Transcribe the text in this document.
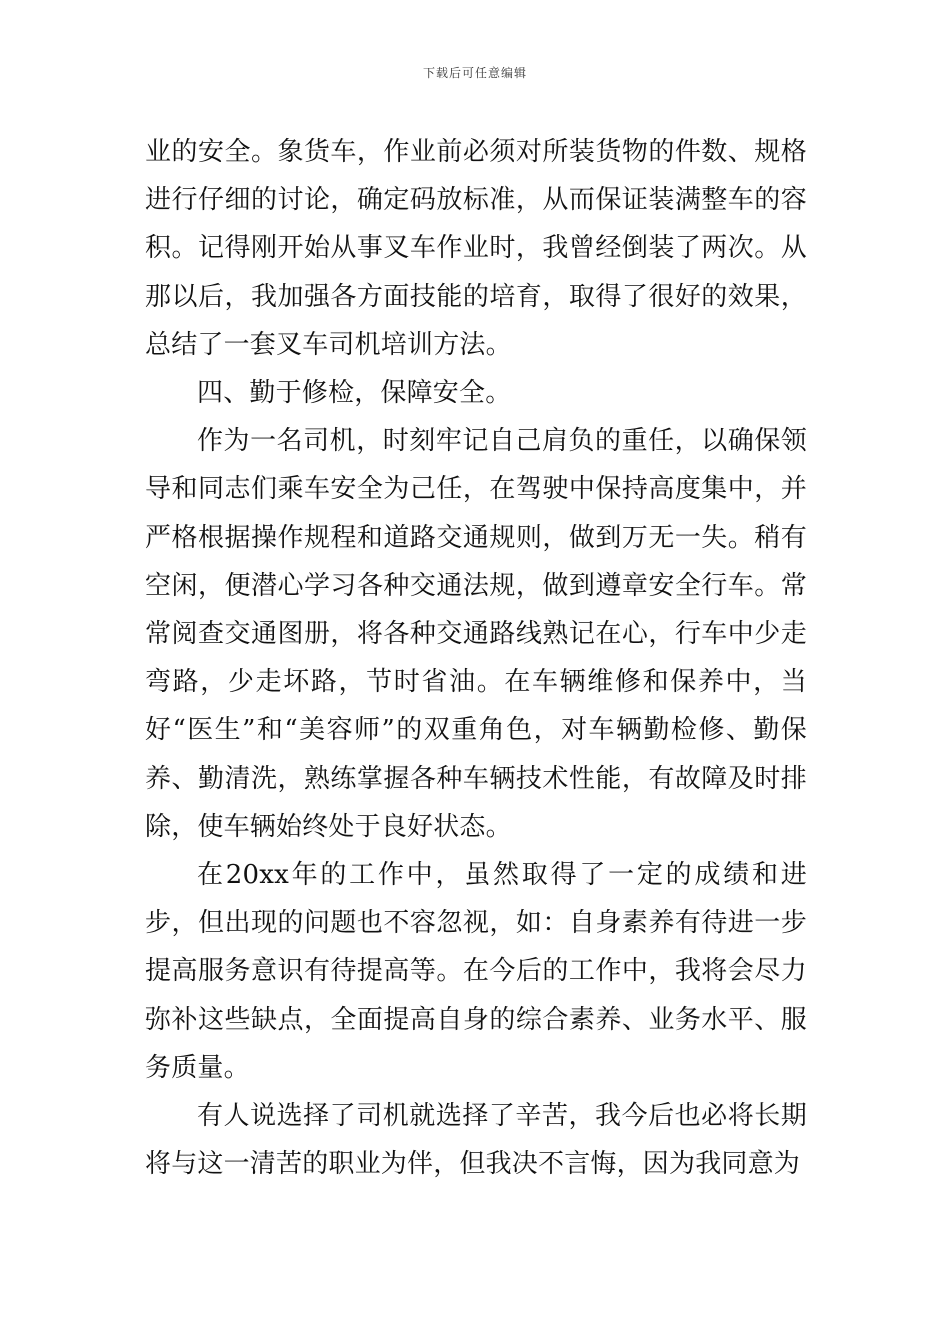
下载后可任意编辑

业的安全。象货车，作业前必须对所装货物的件数、规格进行仔细的讨论，确定码放标准，从而保证装满整车的容积。记得刚开始从事叉车作业时，我曾经倒装了两次。从那以后，我加强各方面技能的培育，取得了很好的效果，总结了一套叉车司机培训方法。

四、勤于修检，保障安全。

作为一名司机，时刻牢记自己肩负的重任，以确保领导和同志们乘车安全为己任，在驾驶中保持高度集中，并严格根据操作规程和道路交通规则，做到万无一失。稍有空闲，便潜心学习各种交通法规，做到遵章安全行车。常常阅查交通图册，将各种交通路线熟记在心，行车中少走弯路，少走坏路，节时省油。在车辆维修和保养中，当好“医生”和“美容师”的双重角色，对车辆勤检修、勤保养、勤清洗，熟练掌握各种车辆技术性能，有故障及时排除，使车辆始终处于良好状态。

在20xx年的工作中，虽然取得了一定的成绩和进步，但出现的问题也不容忽视，如：自身素养有待进一步提高服务意识有待提高等。在今后的工作中，我将会尽力弥补这些缺点，全面提高自身的综合素养、业务水平、服务质量。

有人说选择了司机就选择了辛苦，我今后也必将长期将与这一清苦的职业为伴，但我决不言悔，因为我同意为
